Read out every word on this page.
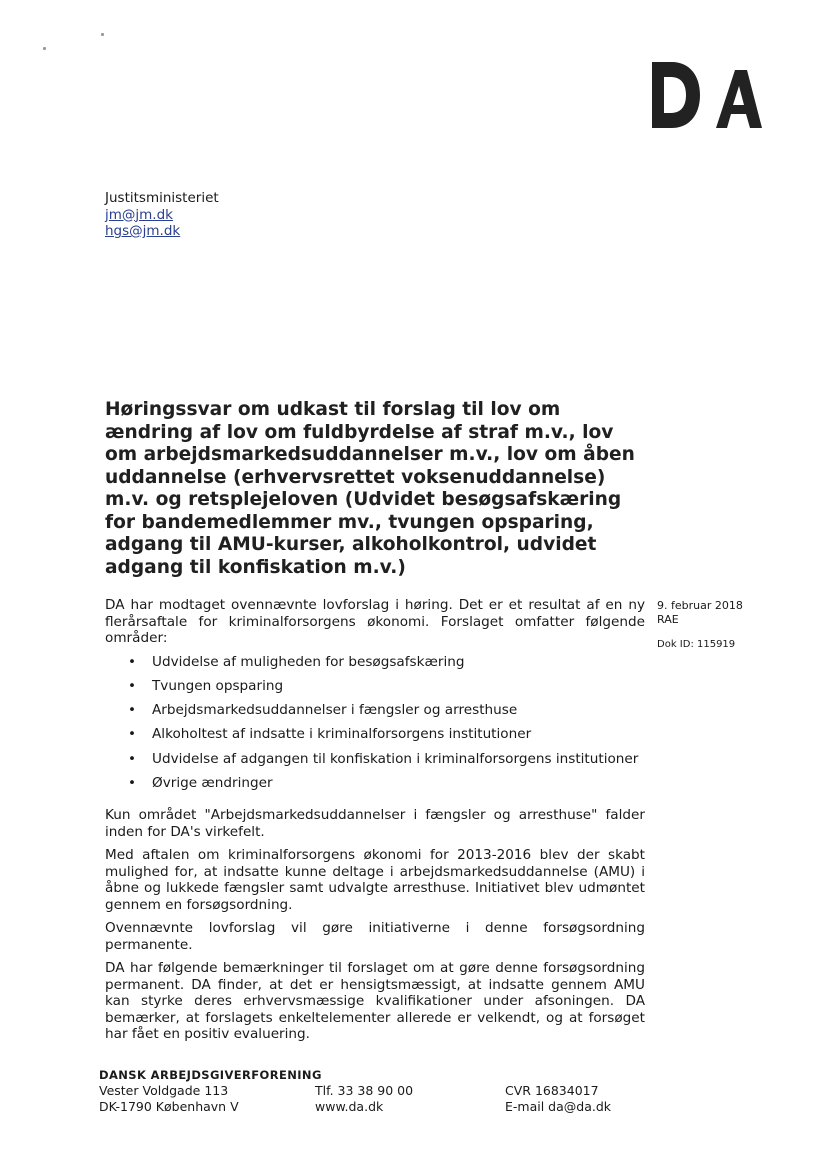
Justitsministeriet
jm@jm.dk
hgs@jm.dk
Høringssvar om udkast til forslag til lov om ændring af lov om fuldbyrdelse af straf m.v., lov om arbejdsmarkedsuddannelser m.v., lov om åben uddannelse (erhvervsrettet voksenuddannelse) m.v. og retsplejeloven (Udvidet besøgsafskæring for bandemedlemmer mv., tvungen opsparing, adgang til AMU-kurser, alkoholkontrol, udvidet adgang til konfiskation m.v.)

DA har modtaget ovennævnte lovforslag i høring. Det er et resultat af en ny flerårsaftale for kriminalforsorgens økonomi. Forslaget omfatter følgende områder:

• Udvidelse af muligheden for besøgsafskæring
• Tvungen opsparing
• Arbejdsmarkedsuddannelser i fængsler og arresthuse
• Alkoholtest af indsatte i kriminalforsorgens institutioner
• Udvidelse af adgangen til konfiskation i kriminalforsorgens institutioner
• Øvrige ændringer

Kun området "Arbejdsmarkedsuddannelser i fængsler og arresthuse" falder inden for DA's virkefelt.

Med aftalen om kriminalforsorgens økonomi for 2013-2016 blev der skabt mulighed for, at indsatte kunne deltage i arbejdsmarkedsuddannelse (AMU) i åbne og lukkede fængsler samt udvalgte arresthuse. Initiativet blev udmøntet gennem en forsøgsordning.

Ovennævnte lovforslag vil gøre initiativerne i denne forsøgsordning permanente.

DA har følgende bemærkninger til forslaget om at gøre denne forsøgsordning permanent. DA finder, at det er hensigtsmæssigt, at indsatte gennem AMU kan styrke deres erhvervsmæssige kvalifikationer under afsoningen. DA bemærker, at forslagets enkeltelementer allerede er velkendt, og at forsøget har fået en positiv evaluering.

9. februar 2018
RAE
Dok ID: 115919
DANSK ARBEJDSGIVERFORENING
Vester Voldgade 113
DK-1790 København V
Tlf. 33 38 90 00
www.da.dk
CVR 16834017
E-mail da@da.dk
